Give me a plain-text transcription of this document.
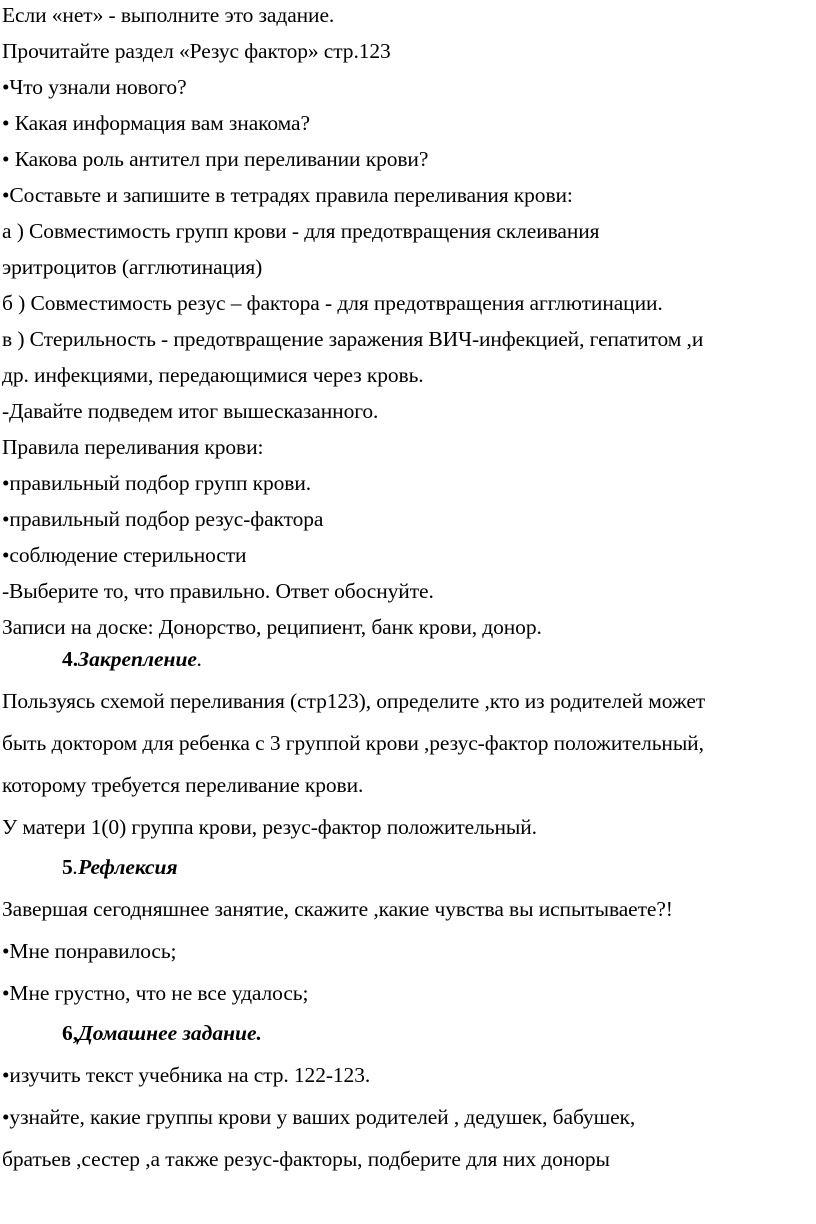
Если «нет» - выполните это задание.
Прочитайте раздел «Резус фактор» стр.123
•Что узнали нового?
• Какая информация вам знакома?
• Какова роль антител при переливании крови?
•Составьте и запишите в тетрадях правила переливания крови:
а ) Совместимость групп крови - для предотвращения склеивания
эритроцитов (агглютинация)
б ) Совместимость резус – фактора - для предотвращения агглютинации.
в ) Стерильность - предотвращение заражения ВИЧ-инфекцией, гепатитом ,и
др. инфекциями, передающимися через кровь.
-Давайте подведем итог вышесказанного.
Правила переливания крови:
•правильный подбор групп крови.
•правильный подбор резус-фактора
•соблюдение стерильности
-Выберите то, что правильно. Ответ обоснуйте.
Записи на доске: Донорство, реципиент, банк крови, донор.
4.Закрепление.
Пользуясь схемой переливания (стр123), определите ,кто из родителей может
быть доктором для ребенка с 3 группой крови ,резус-фактор положительный,
которому требуется переливание крови.
У матери 1(0) группа крови, резус-фактор положительный.
5.Рефлексия
Завершая сегодняшнее занятие, скажите ,какие чувства вы испытываете?!
•Мне понравилось;
•Мне грустно, что не все удалось;
6,Домашнее задание.
•изучить текст учебника на стр. 122-123.
•узнайте, какие группы крови у ваших родителей , дедушек, бабушек,
братьев ,сестер ,а также резус-факторы, подберите для них доноры
